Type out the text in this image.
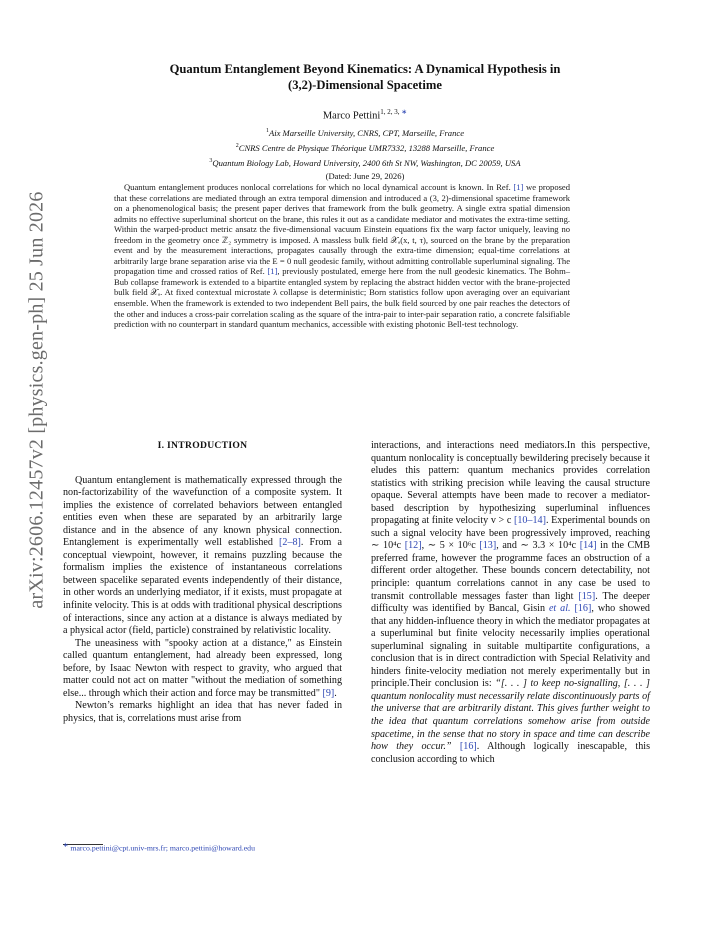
arXiv:2606.12457v2 [physics.gen-ph] 25 Jun 2026
Quantum Entanglement Beyond Kinematics: A Dynamical Hypothesis in
(3,2)-Dimensional Spacetime
Marco Pettini$^{1, 2, 3, ∗}$
$^1$Aix Marseille University, CNRS, CPT, Marseille, France
$^2$CNRS Centre de Physique Théorique UMR7332, 13288 Marseille, France
$^3$Quantum Biology Lab, Howard University, 2400 6th St NW, Washington, DC 20059, USA
(Dated: June 29, 2026)
Quantum entanglement produces nonlocal correlations for which no local dynamical account is known. In Ref. [1] we proposed that these correlations are mediated through an extra temporal dimension and introduced a (3, 2)-dimensional spacetime framework on a phenomenological basis; the present paper derives that framework from the bulk geometry. A single extra spatial dimension admits no effective superluminal shortcut on the brane, this rules it out as a candidate mediator and motivates the extra-time setting. Within the warped-product metric ansatz the five-dimensional vacuum Einstein equations fix the warp factor uniquely, leaving no freedom in the geometry once ℤ₂ symmetry is imposed. A massless bulk field 𝒳ₐ(x, t, τ), sourced on the brane by the preparation event and by the measurement interactions, propagates causally through the extra-time dimension; equal-time correlations at arbitrarily large brane separation arise via the E = 0 null geodesic family, without admitting controllable superluminal signaling. The propagation time and crossed ratios of Ref. [1], previously postulated, emerge here from the null geodesic kinematics. The Bohm–Bub collapse framework is extended to a bipartite entangled system by replacing the abstract hidden vector with the brane-projected bulk field 𝒳ₐ. At fixed contextual microstate λ collapse is deterministic; Born statistics follow upon averaging over an equivariant ensemble. When the framework is extended to two independent Bell pairs, the bulk field sourced by one pair reaches the detectors of the other and induces a cross-pair correlation scaling as the square of the intra-pair to inter-pair separation ratio, a concrete falsifiable prediction with no counterpart in standard quantum mechanics, accessible with existing photonic Bell-test technology.
I. INTRODUCTION

Quantum entanglement is mathematically expressed through the non-factorizability of the wavefunction of a composite system. It implies the existence of correlated behaviors between entangled entities even when these are separated by an arbitrarily large distance and in the absence of any known physical connection. Entanglement is experimentally well established [2–8]. From a conceptual viewpoint, however, it remains puzzling because the formalism implies the existence of instantaneous correlations between spacelike separated events independently of their distance, in other words an underlying mediator, if it exists, must propagate at infinite velocity. This is at odds with traditional physical descriptions of interactions, since any action at a distance is always mediated by a physical actor (field, particle) constrained by relativistic locality.

The uneasiness with "spooky action at a distance," as Einstein called quantum entanglement, had already been expressed, long before, by Isaac Newton with respect to gravity, who argued that matter could not act on matter "without the mediation of something else... through which their action and force may be transmitted" [9].

Newton’s remarks highlight an idea that has never faded in physics, that is, correlations must arise from

interactions, and interactions need mediators.In this perspective, quantum nonlocality is conceptually bewildering precisely because it eludes this pattern: quantum mechanics provides correlation statistics with striking precision while leaving the causal structure opaque. Several attempts have been made to recover a mediator-based description by hypothesizing superluminal influences propagating at finite velocity v > c [10–14]. Experimental bounds on such a signal velocity have been progressively improved, reaching ∼ 10⁴c [12], ∼ 5 × 10⁶c [13], and ∼ 3.3 × 10⁴c [14] in the CMB preferred frame, however the programme faces an obstruction of a different order altogether. These bounds concern detectability, not principle: quantum correlations cannot in any case be used to transmit controllable messages faster than light [15]. The deeper difficulty was identified by Bancal, Gisin et al. [16], who showed that any hidden-influence theory in which the mediator propagates at a superluminal but finite velocity necessarily implies operational superluminal signaling in suitable multipartite configurations, a conclusion that is in direct contradiction with Special Relativity and hinders finite-velocity mediation not merely experimentally but in principle.Their conclusion is: “[. . . ] to keep no-signalling, [. . . ] quantum nonlocality must necessarily relate discontinuously parts of the universe that are arbitrarily distant. This gives further weight to the idea that quantum correlations somehow arise from outside spacetime, in the sense that no story in space and time can describe how they occur.” [16]. Although logically inescapable, this conclusion according to which

∗ marco.pettini@cpt.univ-mrs.fr; marco.pettini@howard.edu
